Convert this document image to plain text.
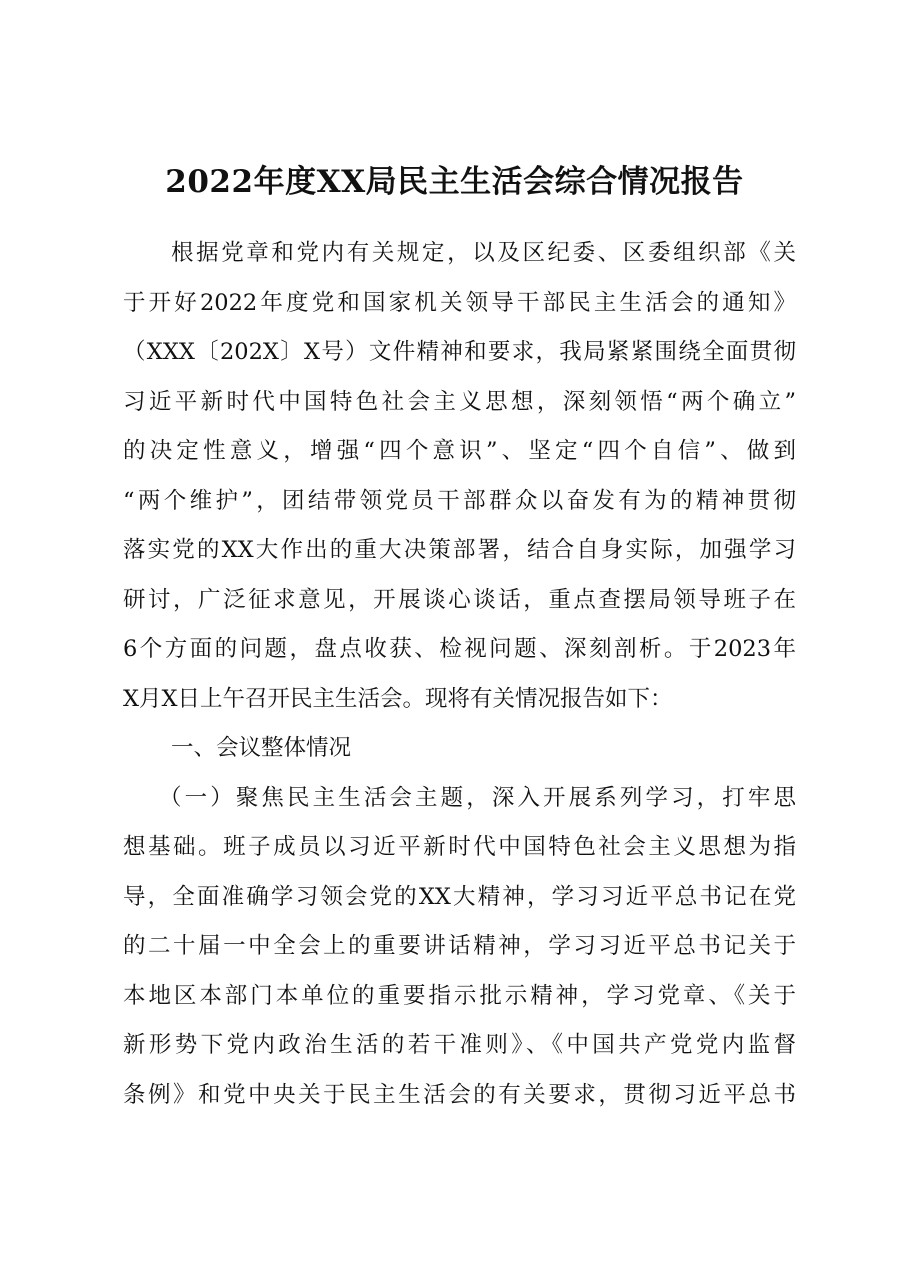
2022年度XX局民主生活会综合情况报告
根据党章和党内有关规定，以及区纪委、区委组织部《关
于开好2022年度党和国家机关领导干部民主生活会的通知》
（XXX〔202X〕X号）文件精神和要求，我局紧紧围绕全面贯彻
习近平新时代中国特色社会主义思想，深刻领悟“两个确立”
的决定性意义，增强“四个意识”、坚定“四个自信”、做到
“两个维护”，团结带领党员干部群众以奋发有为的精神贯彻
落实党的XX大作出的重大决策部署，结合自身实际，加强学习
研讨，广泛征求意见，开展谈心谈话，重点查摆局领导班子在
6个方面的问题，盘点收获、检视问题、深刻剖析。于2023年
X月X日上午召开民主生活会。现将有关情况报告如下：
一、会议整体情况
（一）聚焦民主生活会主题，深入开展系列学习，打牢思
想基础。班子成员以习近平新时代中国特色社会主义思想为指
导，全面准确学习领会党的XX大精神，学习习近平总书记在党
的二十届一中全会上的重要讲话精神，学习习近平总书记关于
本地区本部门本单位的重要指示批示精神，学习党章、《关于
新形势下党内政治生活的若干准则》、《中国共产党党内监督
条例》和党中央关于民主生活会的有关要求，贯彻习近平总书
